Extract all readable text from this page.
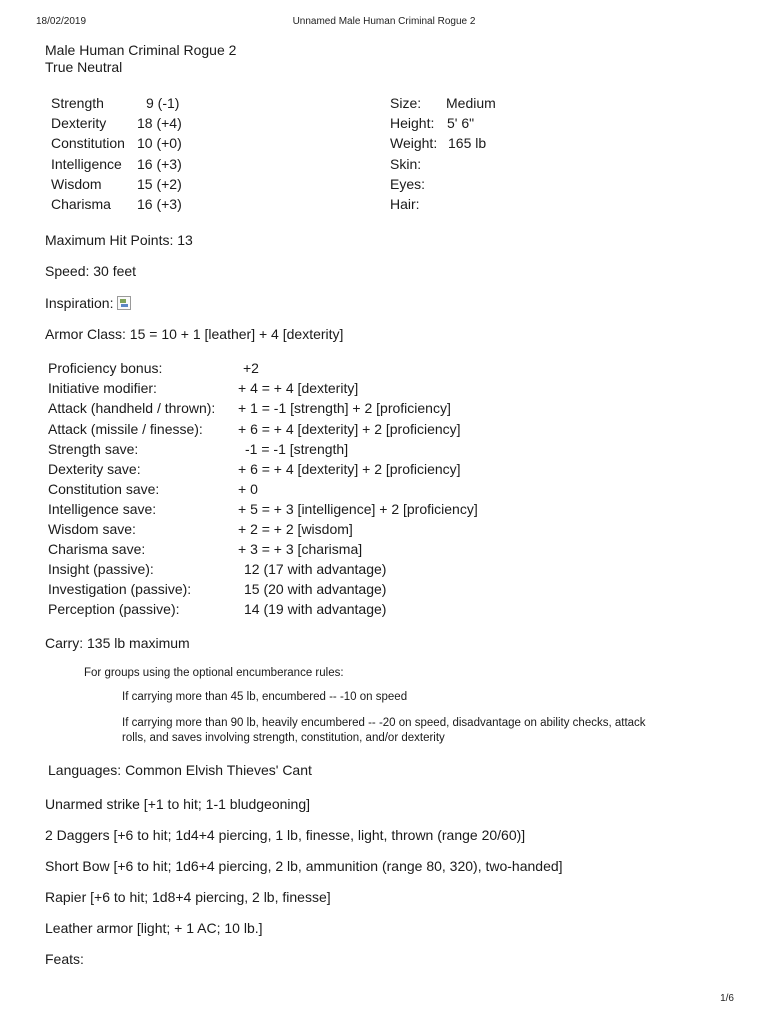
18/02/2019	Unnamed Male Human Criminal Rogue 2
Male Human Criminal Rogue 2
True Neutral
Strength	9 (-1)
Dexterity 18 (+4)
Constitution 10 (+0)
Intelligence 16 (+3)
Wisdom	15 (+2)
Charisma 16 (+3)
Size: Medium
Height: 5' 6"
Weight: 165 lb
Skin:
Eyes:
Hair:
Maximum Hit Points: 13
Speed: 30 feet
Inspiration:
Armor Class: 15 = 10 + 1 [leather] + 4 [dexterity]
Proficiency bonus:	+2
Initiative modifier:	+ 4 = + 4 [dexterity]
Attack (handheld / thrown): + 1 = -1 [strength] + 2 [proficiency]
Attack (missile / finesse):	+ 6 = + 4 [dexterity] + 2 [proficiency]
Strength save:	-1 = -1 [strength]
Dexterity save:	+ 6 = + 4 [dexterity] + 2 [proficiency]
Constitution save:	+ 0
Intelligence save:	+ 5 = + 3 [intelligence] + 2 [proficiency]
Wisdom save:	+ 2 = + 2 [wisdom]
Charisma save:	+ 3 = + 3 [charisma]
Insight (passive):	12 (17 with advantage)
Investigation (passive):	15 (20 with advantage)
Perception (passive):	14 (19 with advantage)
Carry: 135 lb maximum
For groups using the optional encumberance rules:
If carrying more than 45 lb, encumbered -- -10 on speed
If carrying more than 90 lb, heavily encumbered -- -20 on speed, disadvantage on ability checks, attack
rolls, and saves involving strength, constitution, and/or dexterity
Languages: Common Elvish Thieves' Cant
Unarmed strike [+1 to hit; 1-1 bludgeoning]
2 Daggers [+6 to hit; 1d4+4 piercing, 1 lb, finesse, light, thrown (range 20/60)]
Short Bow [+6 to hit; 1d6+4 piercing, 2 lb, ammunition (range 80, 320), two-handed]
Rapier [+6 to hit; 1d8+4 piercing, 2 lb, finesse]
Leather armor [light; + 1 AC; 10 lb.]
Feats:
1/6
